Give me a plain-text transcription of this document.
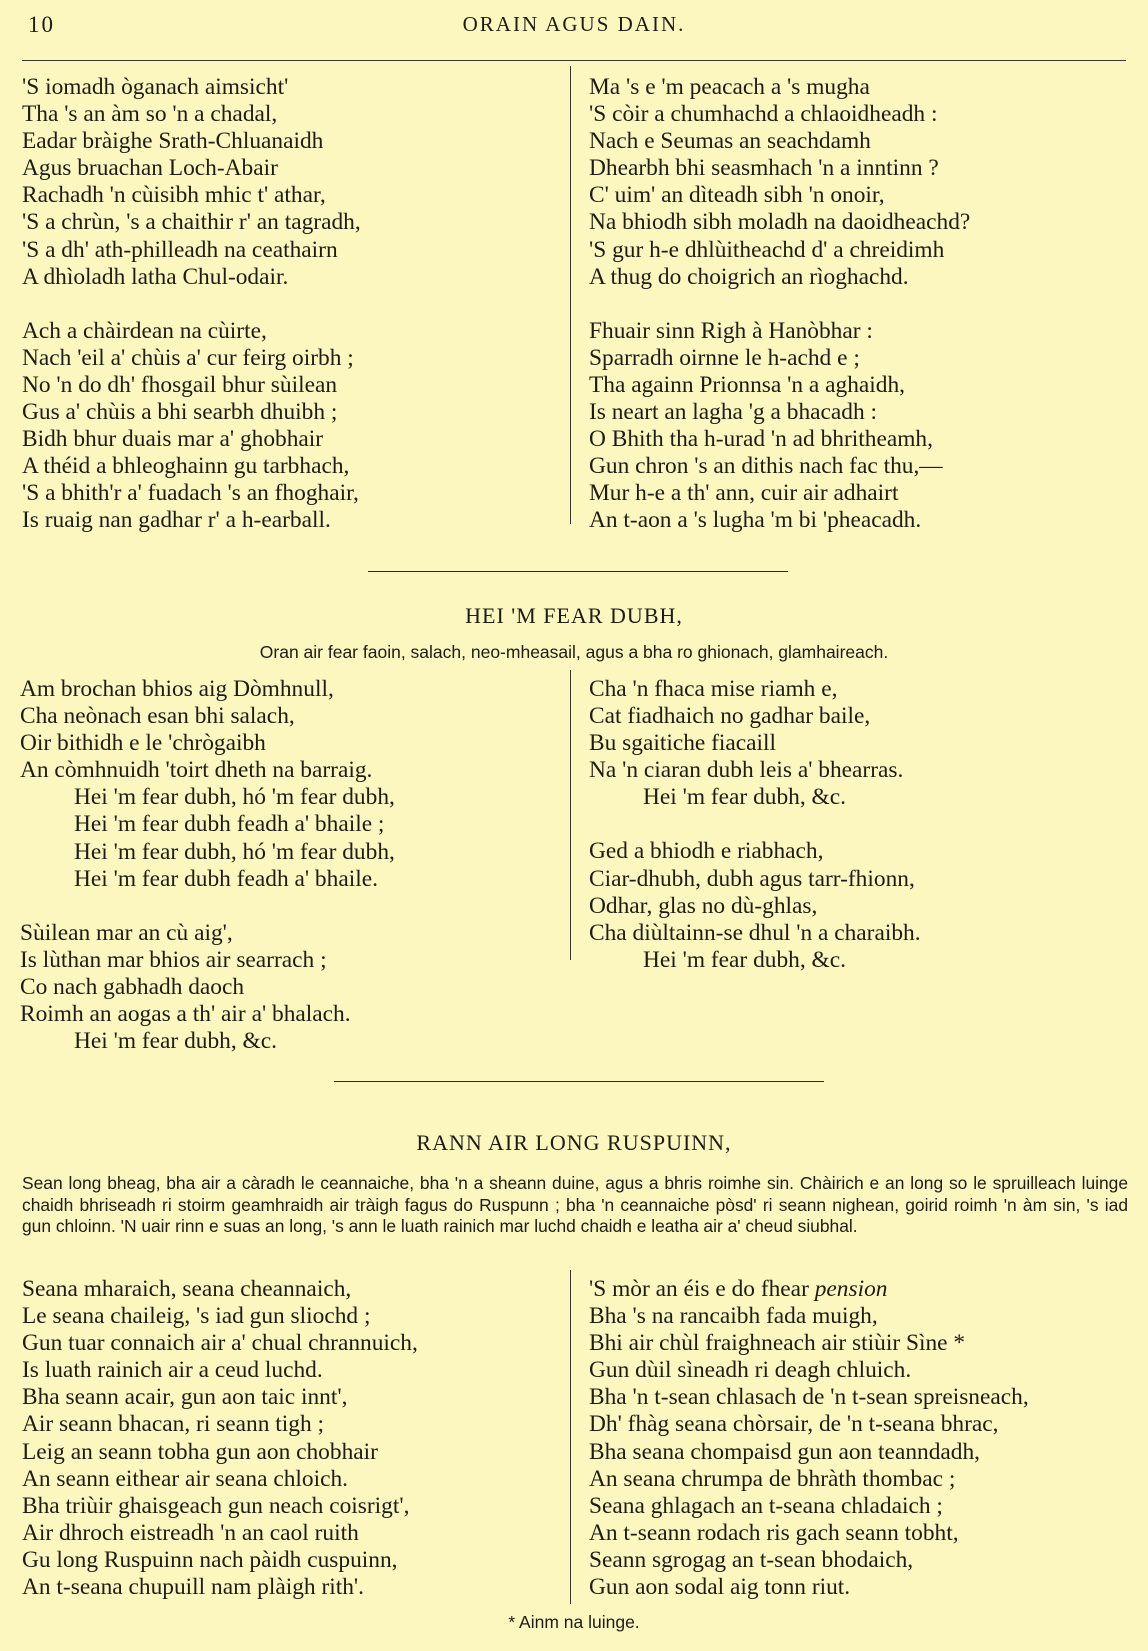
10	ORAIN AGUS DAIN.
'S iomadh òganach aimsicht'
Tha 's an àm so 'n a chadal,
Eadar bràighe Srath-Chluanaidh
Agus bruachan Loch-Abair
Rachadh 'n cùisibh mhic t' athar,
'S a chrùn, 's a chaithir r' an tagradh,
'S a dh' ath-philleadh na ceathairn
A dhìoladh latha Chul-odair.
Ach a chàirdean na cùirte,
Nach 'eil a' chùis a' cur feirg oirbh ;
No 'n do dh' fhosgail bhur sùilean
Gus a' chùis a bhi searbh dhuibh ;
Bidh bhur duais mar a' ghobhair
A théid a bhleoghainn gu tarbhach,
'S a bhith'r a' fuadach 's an fhoghair,
Is ruaig nan gadhar r' a h-earball.
Ma 's e 'm peacach a 's mugha
'S còir a chumhachd a chlaoidheadh :
Nach e Seumas an seachdamh
Dhearbh bhi seasmhach 'n a inntinn ?
C' uim' an dìteadh sibh 'n onoir,
Na bhiodh sibh moladh na daoidheachd?
'S gur h-e dhlùitheachd d' a chreidimh
A thug do choigrich an rìoghachd.
Fhuair sinn Righ à Hanòbhar :
Sparradh oirnne le h-achd e ;
Tha againn Prionnsa 'n a aghaidh,
Is neart an lagha 'g a bhacadh :
O Bhith tha h-urad 'n ad bhritheamh,
Gun chron 's an dithis nach fac thu,—
Mur h-e a th' ann, cuir air adhairt
An t-aon a 's lugha 'm bi 'pheacadh.
HEI 'M FEAR DUBH,
Oran air fear faoin, salach, neo-mheasail, agus a bha ro ghionach, glamhaireach.
Am brochan bhios aig Dòmhnull,
Cha neònach esan bhi salach,
Oir bithidh e le 'chrògaibh
An còmhnuidh 'toirt dheth na barraig.
Hei 'm fear dubh, hó 'm fear dubh,
Hei 'm fear dubh feadh a' bhaile ;
Hei 'm fear dubh, hó 'm fear dubh,
Hei 'm fear dubh feadh a' bhaile.
Sùilean mar an cù aig',
Is lùthan mar bhios air searrach ;
Co nach gabhadh daoch
Roimh an aogas a th' air a' bhalach.
Hei 'm fear dubh, &c.
Cha 'n fhaca mise riamh e,
Cat fiadhaich no gadhar baile,
Bu sgaitiche fiacaill
Na 'n ciaran dubh leis a' bhearras.
Hei 'm fear dubh, &c.
Ged a bhiodh e riabhach,
Ciar-dhubh, dubh agus tarr-fhionn,
Odhar, glas no dù-ghlas,
Cha diùltainn-se dhul 'n a charaibh.
Hei 'm fear dubh, &c.
RANN AIR LONG RUSPUINN,
Sean long bheag, bha air a càradh le ceannaiche, bha 'n a sheann duine, agus a bhris roimhe sin. Chàirich e an long so le spruilleach luinge chaidh bhriseadh ri stoirm geamhraidh air tràigh fagus do Ruspunn ; bha 'n ceannaiche pòsd' ri seann nighean, goirid roimh 'n àm sin, 's iad gun chloinn. 'N uair rinn e suas an long, 's ann le luath rainich mar luchd chaidh e leatha air a' cheud siubhal.
Seana mharaich, seana cheannaich,
Le seana chaileig, 's iad gun sliochd ;
Gun tuar connaich air a' chual chrannuich,
Is luath rainich air a ceud luchd.
Bha seann acair, gun aon taic innt',
Air seann bhacan, ri seann tigh ;
Leig an seann tobha gun aon chobhair
An seann eithear air seana chloich.
Bha triùir ghaisgeach gun neach coisrigt',
Air dhroch eistreadh 'n an caol ruith
Gu long Ruspuinn nach pàidh cuspuinn,
An t-seana chupuill nam plàigh rith'.
'S mòr an éis e do fhear pension
Bha 's na rancaibh fada muigh,
Bhi air chùl fraighneach air stiùir Sìne *
Gun dùil sìneadh ri deagh chluich.
Bha 'n t-sean chlasach de 'n t-sean spreisneach,
Dh' fhàg seana chòrsair, de 'n t-seana bhrac,
Bha seana chompaisd gun aon teanndadh,
An seana chrumpa de bhràth thombac ;
Seana ghlagach an t-seana chladaich ;
An t-seann rodach ris gach seann tobht,
Seann sgrogag an t-sean bhodaich,
Gun aon sodal aig tonn riut.
* Ainm na luinge.
